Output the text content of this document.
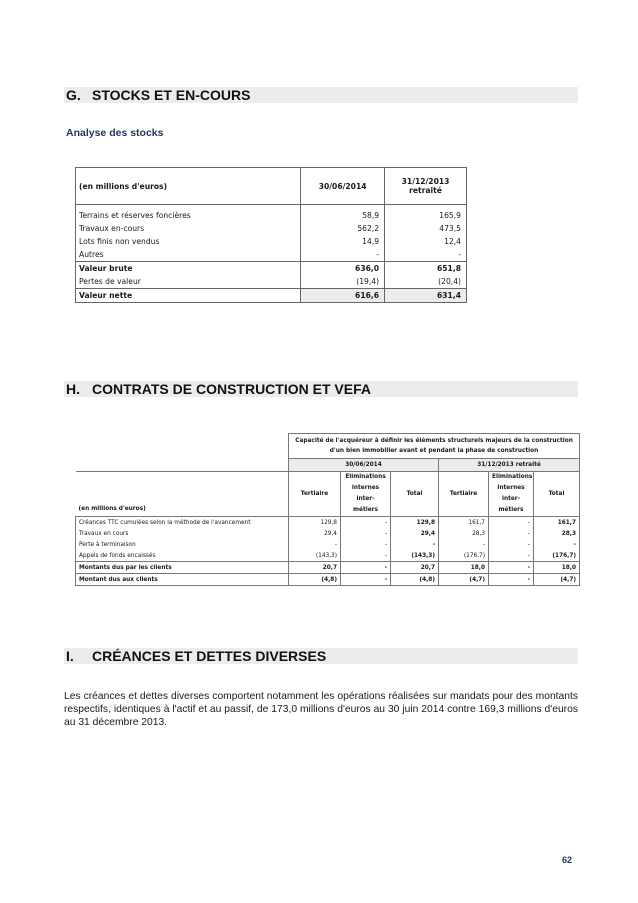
G. STOCKS ET EN-COURS
Analyse des stocks
(en millions d'euros)	30/06/2014	31/12/2013
retraité
Terrains et réserves foncières	58,9	165,9
Travaux en-cours	562,2	473,5
Lots finis non vendus	14,9	12,4
Autres	-	-
Valeur brute	636,0	651,8
Pertes de valeur	(19,4)	(20,4)
Valeur nette	616,6	631,4
H. CONTRATS DE CONSTRUCTION ET VEFA
	Capacité de l'acquéreur à définir les éléments structurels majeurs de la construction
d'un bien immobilier avant et pendant la phase de construction					
	30/06/2014			31/12/2013 retraité		
(en millions d'euros)	Tertiaire	Eliminations
internes inter-
métiers	Total	Tertiaire	Eliminations
internes inter-
métiers	Total
Créances TTC cumulées selon la méthode de l'avancement	129,8	-	129,8	161,7	-	161,7
Travaux en cours	29,4	-	29,4	28,3	-	28,3
Perte à terminaison	-	-	-	-	-	-
Appels de fonds encaissés	(143,3)	-	(143,3)	(176,7)	-	(176,7)
Montants dus par les clients	20,7	-	20,7	18,0	-	18,0
Montant dus aux clients	(4,8)	-	(4,8)	(4,7)	-	(4,7)
I. CRÉANCES ET DETTES DIVERSES
Les créances et dettes diverses comportent notamment les opérations réalisées sur mandats pour des montants respectifs, identiques à l'actif et au passif, de 173,0 millions d'euros au 30 juin 2014 contre 169,3 millions d'euros au 31 décembre 2013.
62
